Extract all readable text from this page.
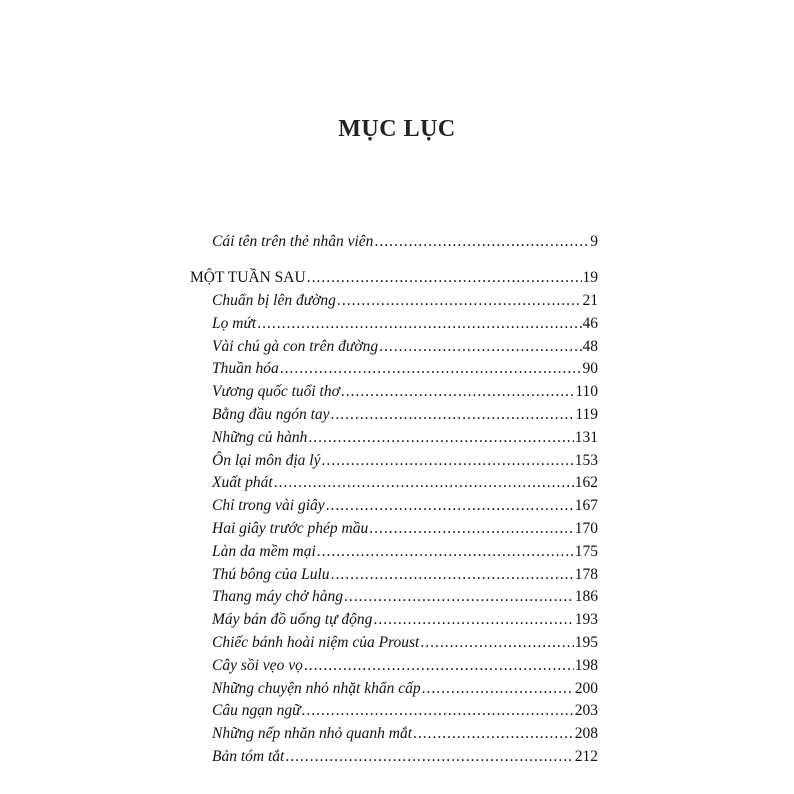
MỤC LỤC
Cái tên trên thẻ nhân viên .....	9
MỘT TUẦN SAU .....	19
Chuẩn bị lên đường .....	21
Lọ mứt .....	46
Vài chú gà con trên đường .....	48
Thuần hóa .....	90
Vương quốc tuổi thơ .....	110
Bằng đầu ngón tay .....	119
Những củ hành .....	131
Ôn lại môn địa lý .....	153
Xuất phát .....	162
Chỉ trong vài giây .....	167
Hai giây trước phép mầu .....	170
Làn da mềm mại .....	175
Thú bông của Lulu .....	178
Thang máy chở hàng .....	186
Máy bán đồ uống tự động .....	193
Chiếc bánh hoài niệm của Proust .....	195
Cây sồi vẹo vọ .....	198
Những chuyện nhỏ nhặt khẩn cấp .....	200
Câu ngạn ngữ .....	203
Những nếp nhăn nhỏ quanh mắt .....	208
Bản tóm tắt .....	212
